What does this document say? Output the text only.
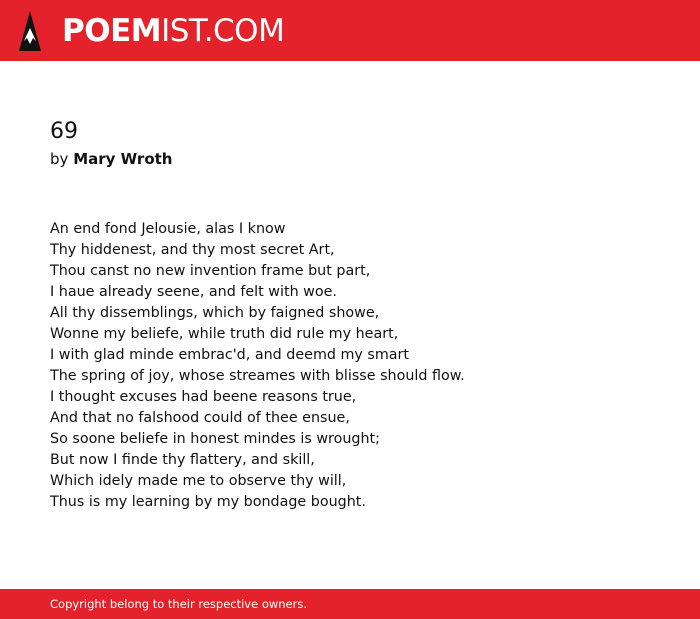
POEMIST.COM
69
by Mary Wroth
An end fond Jelousie, alas I know
Thy hiddenest, and thy most secret Art,
Thou canst no new invention frame but part,
I haue already seene, and felt with woe.
All thy dissemblings, which by faigned showe,
Wonne my beliefe, while truth did rule my heart,
I with glad minde embrac'd, and deemd my smart
The spring of joy, whose streames with blisse should flow.
I thought excuses had beene reasons true,
And that no falshood could of thee ensue,
So soone beliefe in honest mindes is wrought;
But now I finde thy flattery, and skill,
Which idely made me to observe thy will,
Thus is my learning by my bondage bought.
Copyright belong to their respective owners.
